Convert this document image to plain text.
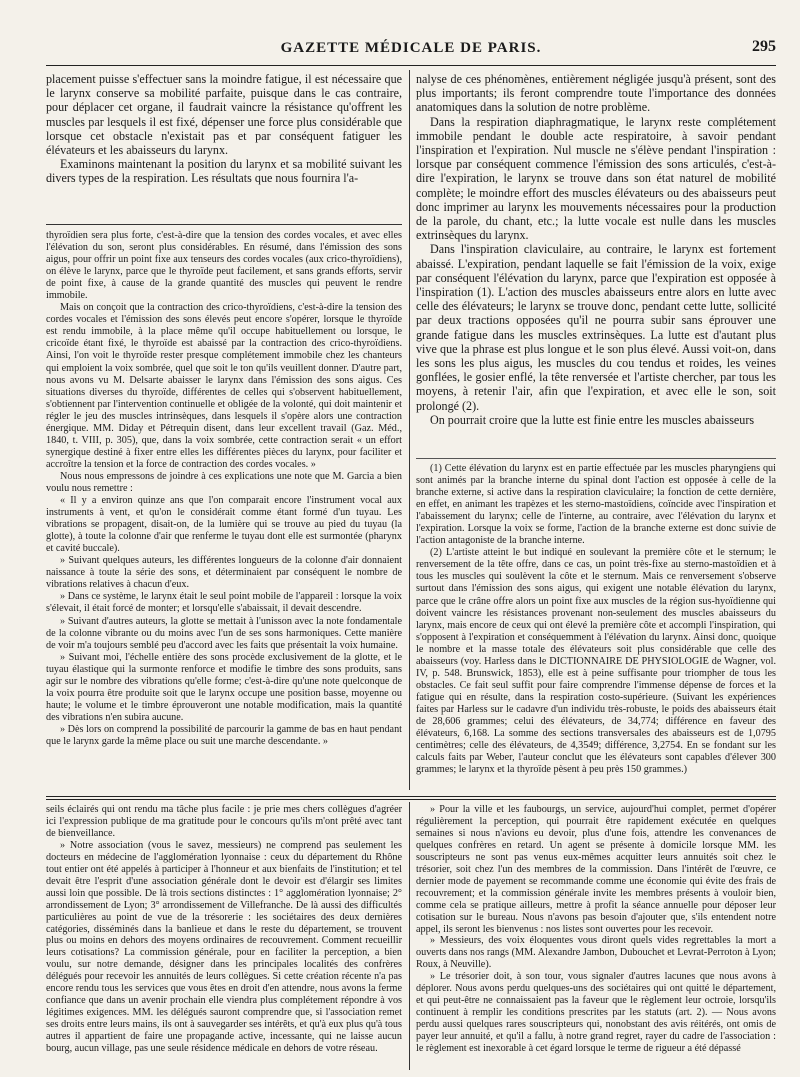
GAZETTE MÉDICALE DE PARIS.	295

placement puisse s'effectuer sans la moindre fatigue, il est nécessaire que le larynx conserve sa mobilité parfaite, puisque dans le cas contraire, pour déplacer cet organe, il faudrait vaincre la résistance qu'offrent les muscles par lesquels il est fixé, dépenser une force plus considérable que lorsque cet obstacle n'existait pas et par conséquent fatiguer les élévateurs et les abaisseurs du larynx.

Examinons maintenant la position du larynx et sa mobilité suivant les divers types de la respiration. Les résultats que nous fournira l'a-

thyroïdien sera plus forte, c'est-à-dire que la tension des cordes vocales, et avec elles l'élévation du son, seront plus considérables. En résumé, dans l'émission des sons aigus, pour offrir un point fixe aux tenseurs des cordes vocales (aux crico-thyroïdiens), on élève le larynx, parce que le thyroïde peut facilement, et sans grands efforts, servir de point fixe, à cause de la grande quantité des muscles qui peuvent le rendre immobile.

Mais on conçoit que la contraction des crico-thyroïdiens, c'est-à-dire la tension des cordes vocales et l'émission des sons élevés peut encore s'opérer, lorsque le thyroïde est rendu immobile, à la place même qu'il occupe habituellement ou lorsque, le cricoïde étant fixé, le thyroïde est abaissé par la contraction des crico-thyroïdiens. Ainsi, l'on voit le thyroïde rester presque complétement immobile chez les chanteurs qui emploient la voix sombrée, quel que soit le ton qu'ils veuillent donner. D'autre part, nous avons vu M. Delsarte abaisser le larynx dans l'émission des sons aigus. Ces situations diverses du thyroïde, différentes de celles qui s'observent habituellement, s'obtiennent par l'intervention continuelle et obligée de la volonté, qui doit maintenir et régler le jeu des muscles intrinsèques, dans lesquels il s'opère alors une contraction énergique. MM. Diday et Pétrequin disent, dans leur excellent travail (Gaz. Méd., 1840, t. VIII, p. 305), que, dans la voix sombrée, cette contraction serait « un effort synergique destiné à fixer entre elles les différentes pièces du larynx, pour faciliter et accroître la tension et la force de contraction des cordes vocales. »

Nous nous empressons de joindre à ces explications une note que M. Garcia a bien voulu nous remettre :

« Il y a environ quinze ans que l'on comparait encore l'instrument vocal aux instruments à vent, et qu'on le considérait comme étant formé d'un tuyau. Les vibrations se propagent, disait-on, de la lumière qui se trouve au pied du tuyau (la glotte), à toute la colonne d'air que renferme le tuyau dont elle est surmontée (pharynx et cavité buccale).

» Suivant quelques auteurs, les différentes longueurs de la colonne d'air donnaient naissance à toute la série des sons, et déterminaient par conséquent le nombre de vibrations relatives à chacun d'eux.

» Dans ce système, le larynx était le seul point mobile de l'appareil : lorsque la voix s'élevait, il était forcé de monter; et lorsqu'elle s'abaissait, il devait descendre.

» Suivant d'autres auteurs, la glotte se mettait à l'unisson avec la note fondamentale de la colonne vibrante ou du moins avec l'un de ses sons harmoniques. Cette manière de voir m'a toujours semblé peu d'accord avec les faits que présentait la voix humaine.

» Suivant moi, l'échelle entière des sons procède exclusivement de la glotte, et le tuyau élastique qui la surmonte renforce et modifie le timbre des sons produits, sans agir sur le nombre des vibrations qu'elle forme; c'est-à-dire qu'une note quelconque de la voix pourra être produite soit que le larynx occupe une position basse, moyenne ou haute; le volume et le timbre éprouveront une notable modification, mais la quantité des vibrations n'en subira aucune.

» Dès lors on comprend la possibilité de parcourir la gamme de bas en haut pendant que le larynx garde la même place ou suit une marche descendante. »

nalyse de ces phénomènes, entièrement négligée jusqu'à présent, sont des plus importants; ils feront comprendre toute l'importance des données anatomiques dans la solution de notre problème.

Dans la respiration diaphragmatique, le larynx reste complétement immobile pendant le double acte respiratoire, à savoir pendant l'inspiration et l'expiration. Nul muscle ne s'élève pendant l'inspiration : lorsque par conséquent commence l'émission des sons articulés, c'est-à-dire l'expiration, le larynx se trouve dans son état naturel de mobilité complète; le moindre effort des muscles élévateurs ou des abaisseurs peut donc imprimer au larynx les mouvements nécessaires pour la production de la parole, du chant, etc.; la lutte vocale est nulle dans les muscles extrinsèques du larynx.

Dans l'inspiration claviculaire, au contraire, le larynx est fortement abaissé. L'expiration, pendant laquelle se fait l'émission de la voix, exige par conséquent l'élévation du larynx, parce que l'expiration est opposée à l'inspiration (1). L'action des muscles abaisseurs entre alors en lutte avec celle des élévateurs; le larynx se trouve donc, pendant cette lutte, sollicité par deux tractions opposées qu'il ne pourra subir sans éprouver une grande fatigue dans les muscles extrinsèques. La lutte est d'autant plus vive que la phrase est plus longue et le son plus élevé. Aussi voit-on, dans les sons les plus aigus, les muscles du cou tendus et roides, les veines gonflées, le gosier enflé, la tête renversée et l'artiste chercher, par tous les moyens, à retenir l'air, afin que l'expiration, et avec elle le son, soit prolongé (2).

On pourrait croire que la lutte est finie entre les muscles abaisseurs

(1) Cette élévation du larynx est en partie effectuée par les muscles pharyngiens qui sont animés par la branche interne du spinal dont l'action est opposée à celle de la branche externe, si active dans la respiration claviculaire; la fonction de cette dernière, en effet, en animant les trapèzes et les sterno-mastoïdiens, coïncide avec l'inspiration et l'abaissement du larynx; celle de l'interne, au contraire, avec l'élévation du larynx et l'expiration. Lorsque la voix se forme, l'action de la branche externe est donc suivie de l'action antagoniste de la branche interne.

(2) L'artiste atteint le but indiqué en soulevant la première côte et le sternum; le renversement de la tête offre, dans ce cas, un point très-fixe au sterno-mastoïdien et à tous les muscles qui soulèvent la côte et le sternum. Mais ce renversement s'observe surtout dans l'émission des sons aigus, qui exigent une notable élévation du larynx, parce que le crâne offre alors un point fixe aux muscles de la région sus-hyoïdienne qui doivent vaincre les résistances provenant non-seulement des muscles abaisseurs du larynx, mais encore de ceux qui ont élevé la première côte et accompli l'inspiration, qui s'opposent à l'expiration et conséquemment à l'élévation du larynx. Ainsi donc, quoique le nombre et la masse totale des élévateurs soit plus considérable que celle des abaisseurs (voy. Harless dans le DICTIONNAIRE DE PHYSIOLOGIE de Wagner, vol. IV, p. 548. Brunswick, 1853), elle est à peine suffisante pour triompher de tous les obstacles. Ce fait seul suffit pour faire comprendre l'immense dépense de forces et la fatigue qui en résulte, dans la respiration costo-supérieure. (Suivant les expériences faites par Harless sur le cadavre d'un individu très-robuste, le poids des abaisseurs était de 28,606 grammes; celui des élévateurs, de 34,774; différence en faveur des élévateurs, 6,168. La somme des sections transversales des abaisseurs est de 1,0795 centimètres; celle des élévateurs, de 4,3549; différence, 3,2754. En se fondant sur les calculs faits par Weber, l'auteur conclut que les élévateurs sont capables d'élever 300 grammes; le larynx et la thyroïde pèsent à peu près 150 grammes.)

seils éclairés qui ont rendu ma tâche plus facile : je prie mes chers collègues d'agréer ici l'expression publique de ma gratitude pour le concours qu'ils m'ont prêté avec tant de bienveillance.

» Notre association (vous le savez, messieurs) ne comprend pas seulement les docteurs en médecine de l'agglomération lyonnaise : ceux du département du Rhône tout entier ont été appelés à participer à l'honneur et aux bienfaits de l'institution; et tel devait être l'esprit d'une association générale dont le devoir est d'élargir ses limites aussi loin que possible. De là trois sections distinctes : 1° agglomération lyonnaise; 2° arrondissement de Lyon; 3° arrondissement de Villefranche. De là aussi des difficultés particulières au point de vue de la trésorerie : les sociétaires des deux dernières catégories, disséminés dans la banlieue et dans le reste du département, se trouvent plus ou moins en dehors des moyens ordinaires de recouvrement. Comment recueillir leurs cotisations? La commission générale, pour en faciliter la perception, a bien voulu, sur notre demande, désigner dans les principales localités des confrères délégués pour recevoir les annuités de leurs collègues. Si cette création récente n'a pas encore rendu tous les services que vous êtes en droit d'en attendre, nous avons la ferme confiance que dans un avenir prochain elle viendra plus complétement répondre à vos légitimes exigences. MM. les délégués sauront comprendre que, si l'association remet ses droits entre leurs mains, ils ont à sauvegarder ses intérêts, et qu'à eux plus qu'à tous autres il appartient de faire une propagande active, incessante, qui ne laisse aucun bourg, aucun village, pas une seule résidence médicale en dehors de votre réseau.

» Pour la ville et les faubourgs, un service, aujourd'hui complet, permet d'opérer régulièrement la perception, qui pourrait être rapidement exécutée en quelques semaines si nous n'avions eu devoir, plus d'une fois, attendre les convenances de quelques confrères en retard. Un agent se présente à domicile lorsque MM. les souscripteurs ne sont pas venus eux-mêmes acquitter leurs annuités soit chez le trésorier, soit chez l'un des membres de la commission. Dans l'intérêt de l'œuvre, ce dernier mode de payement se recommande comme une économie qui évite des frais de recouvrement; et la commission générale invite les membres présents à vouloir bien, comme cela se pratique ailleurs, mettre à profit la séance annuelle pour déposer leur cotisation sur le bureau. Nous n'avons pas besoin d'ajouter que, s'ils entendent notre appel, ils seront les bienvenus : nos listes sont ouvertes pour les recevoir.

» Messieurs, des voix éloquentes vous diront quels vides regrettables la mort a ouverts dans nos rangs (MM. Alexandre Jambon, Dubouchet et Levrat-Perroton à Lyon; Roux, à Neuville).

» Le trésorier doit, à son tour, vous signaler d'autres lacunes que nous avons à déplorer. Nous avons perdu quelques-uns des sociétaires qui ont quitté le département, et qui peut-être ne connaissaient pas la faveur que le règlement leur octroie, lorsqu'ils continuent à remplir les conditions prescrites par les statuts (art. 2). — Nous avons perdu aussi quelques rares souscripteurs qui, nonobstant des avis réitérés, ont omis de payer leur annuité, et qu'il a fallu, à notre grand regret, rayer du cadre de l'association : le règlement est inexorable à cet égard lorsque le terme de rigueur a été dépassé
